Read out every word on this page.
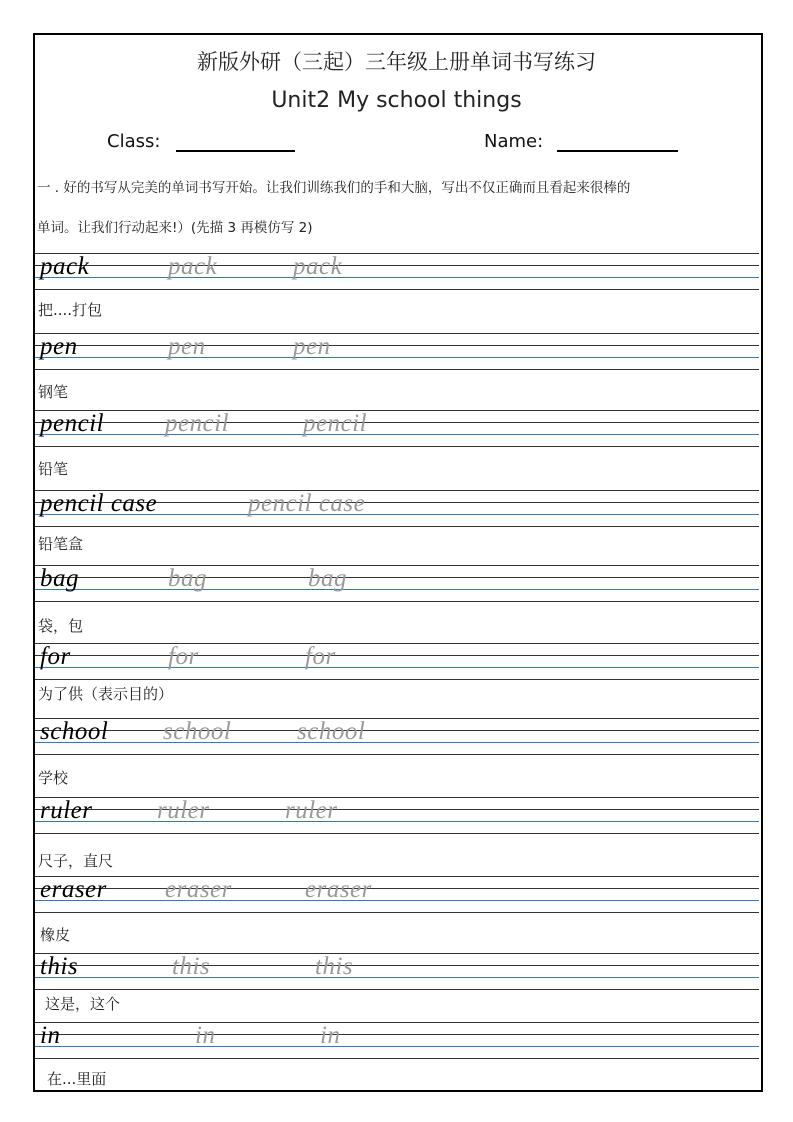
新版外研（三起）三年级上册单词书写练习
Unit2 My school things
Class:	Name:
一 . 好的书写从完美的单词书写开始。让我们训练我们的手和大脑，写出不仅正确而且看起来很棒的
单词。让我们行动起来!）(先描 3 再模仿写 2)
pack	pack	pack
把....打包
pen	pen	pen
钢笔
pencil pencil	pencil
铅笔
pencil case	pencil case
铅笔盒
bag	bag	bag
袋，包
for	for	for
为了供（表示目的）
school school	school
学校
ruler	ruler	ruler
尺子，直尺
eraser eraser	eraser
橡皮
this	this	this
这是，这个
in	in	in
在...里面
